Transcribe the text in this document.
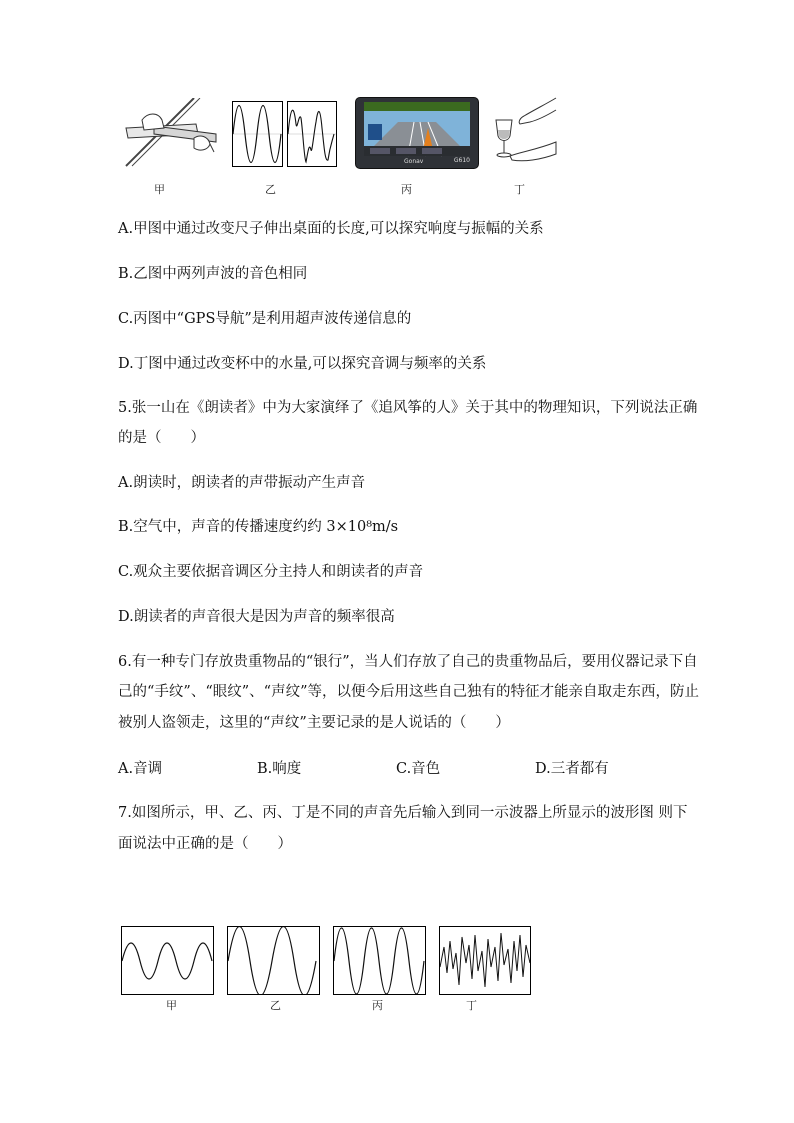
Gonav	G610
甲	乙	丙	丁
A.甲图中通过改变尺子伸出桌面的长度,可以探究响度与振幅的关系
B.乙图中两列声波的音色相同
C.丙图中“GPS导航”是利用超声波传递信息的
D.丁图中通过改变杯中的水量,可以探究音调与频率的关系
5.张一山在《朗读者》中为大家演绎了《追风筝的人》关于其中的物理知识，下列说法正确
的是（　　）
A.朗读时，朗读者的声带振动产生声音
B.空气中，声音的传播速度约约 3×10⁸m/s
C.观众主要依据音调区分主持人和朗读者的声音
D.朗读者的声音很大是因为声音的频率很高
6.有一种专门存放贵重物品的“银行”，当人们存放了自己的贵重物品后，要用仪器记录下自
己的“手纹”、“眼纹”、“声纹”等，以便今后用这些自己独有的特征才能亲自取走东西，防止
被别人盗领走，这里的“声纹”主要记录的是人说话的（　　）
A.音调	B.响度	C.音色	D.三者都有
7.如图所示，甲、乙、丙、丁是不同的声音先后输入到同一示波器上所显示的波形图 则下
面说法中正确的是（　　）
甲	乙	丙	丁
